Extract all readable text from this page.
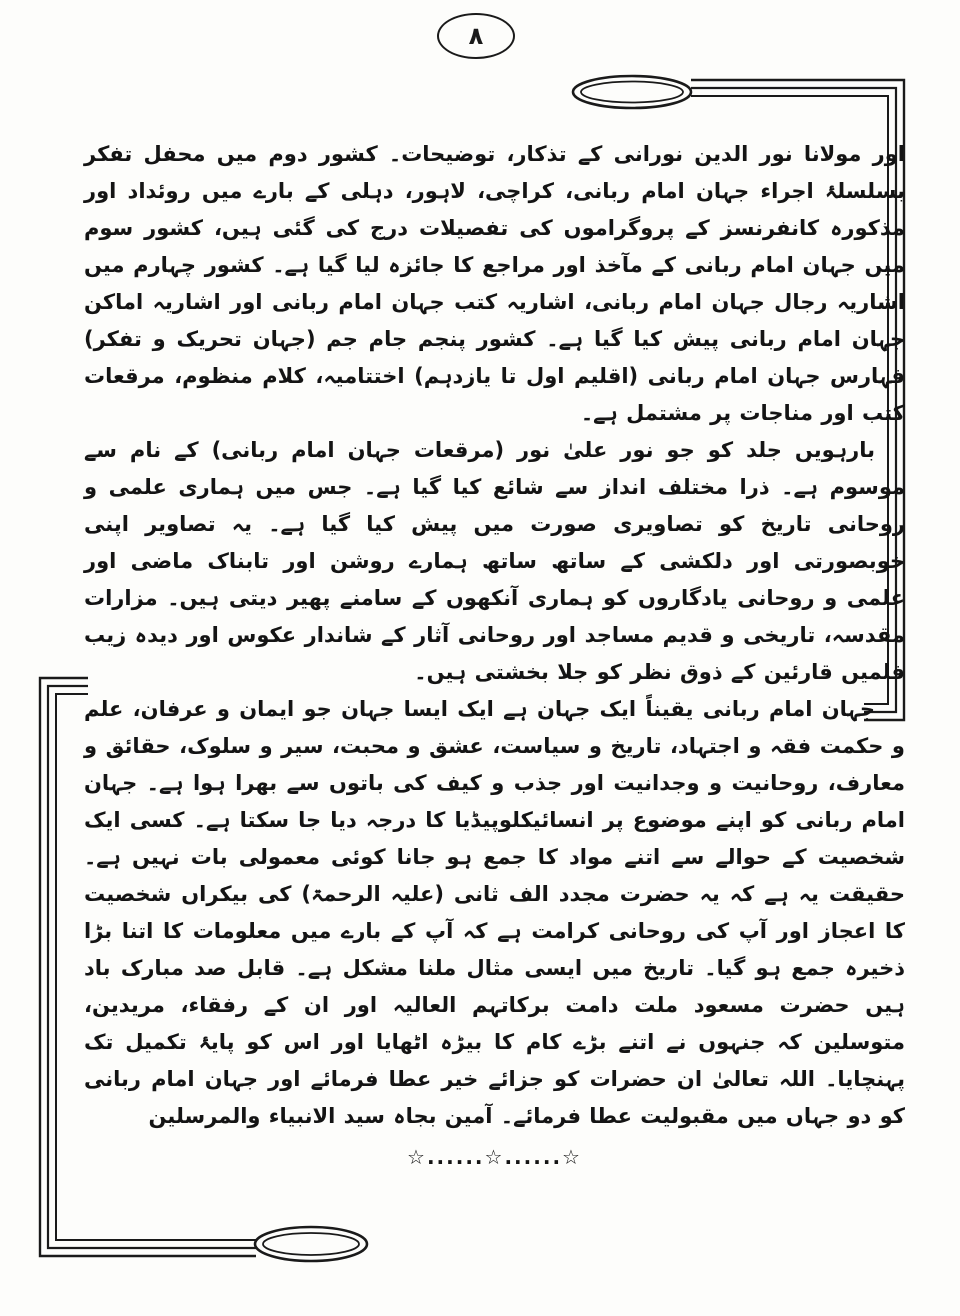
۸

اور مولانا نور الدین نورانی کے تذکار، توضیحات۔ کشور دوم میں محفل تفکر بسلسلۂ اجراء جہان امام ربانی، کراچی، لاہور، دہلی کے بارے میں روئداد اور مذکورہ کانفرنسز کے پروگراموں کی تفصیلات درج کی گئی ہیں، کشور سوم میں جہان امام ربانی کے مآخذ اور مراجع کا جائزہ لیا گیا ہے۔ کشور چہارم میں اشاریہ رجال جہان امام ربانی، اشاریہ کتب جہان امام ربانی اور اشاریہ اماکن جہان امام ربانی پیش کیا گیا ہے۔ کشور پنجم جام جم (جہان تحریک و تفکر) فہارس جہان امام ربانی (اقلیم اول تا یازدہم) اختتامیہ، کلام منظوم، مرقعات کتب اور مناجات پر مشتمل ہے۔

بارہویں جلد کو جو نور علیٰ نور (مرقعات جہان امام ربانی) کے نام سے موسوم ہے۔ ذرا مختلف انداز سے شائع کیا گیا ہے۔ جس میں ہماری علمی و روحانی تاریخ کو تصاویری صورت میں پیش کیا گیا ہے۔ یہ تصاویر اپنی خوبصورتی اور دلکشی کے ساتھ ساتھ ہمارے روشن اور تابناک ماضی اور علمی و روحانی یادگاروں کو ہماری آنکھوں کے سامنے پھیر دیتی ہیں۔ مزارات مقدسہ، تاریخی و قدیم مساجد اور روحانی آثار کے شاندار عکوس اور دیدہ زیب فلمیں قارئین کے ذوق نظر کو جلا بخشتی ہیں۔

جہان امام ربانی یقیناً ایک جہان ہے ایک ایسا جہان جو ایمان و عرفان، علم و حکمت فقہ و اجتہاد، تاریخ و سیاست، عشق و محبت، سیر و سلوک، حقائق و معارف، روحانیت و وجدانیت اور جذب و کیف کی باتوں سے بھرا ہوا ہے۔ جہان امام ربانی کو اپنے موضوع پر انسائیکلوپیڈیا کا درجہ دیا جا سکتا ہے۔ کسی ایک شخصیت کے حوالے سے اتنے مواد کا جمع ہو جانا کوئی معمولی بات نہیں ہے۔ حقیقت یہ ہے کہ یہ حضرت مجدد الف ثانی (علیہ الرحمۃ) کی بیکراں شخصیت کا اعجاز اور آپ کی روحانی کرامت ہے کہ آپ کے بارے میں معلومات کا اتنا بڑا ذخیرہ جمع ہو گیا۔ تاریخ میں ایسی مثال ملنا مشکل ہے۔ قابل صد مبارک باد ہیں حضرت مسعود ملت دامت برکاتہم العالیہ اور ان کے رفقاء، مریدین، متوسلین کہ جنہوں نے اتنے بڑے کام کا بیڑہ اٹھایا اور اس کو پایۂ تکمیل تک پہنچایا۔ اللہ تعالیٰ ان حضرات کو جزائے خیر عطا فرمائے اور جہان امام ربانی کو دو جہاں میں مقبولیت عطا فرمائے۔ آمین بجاہ سید الانبیاء والمرسلین

☆......☆......☆
